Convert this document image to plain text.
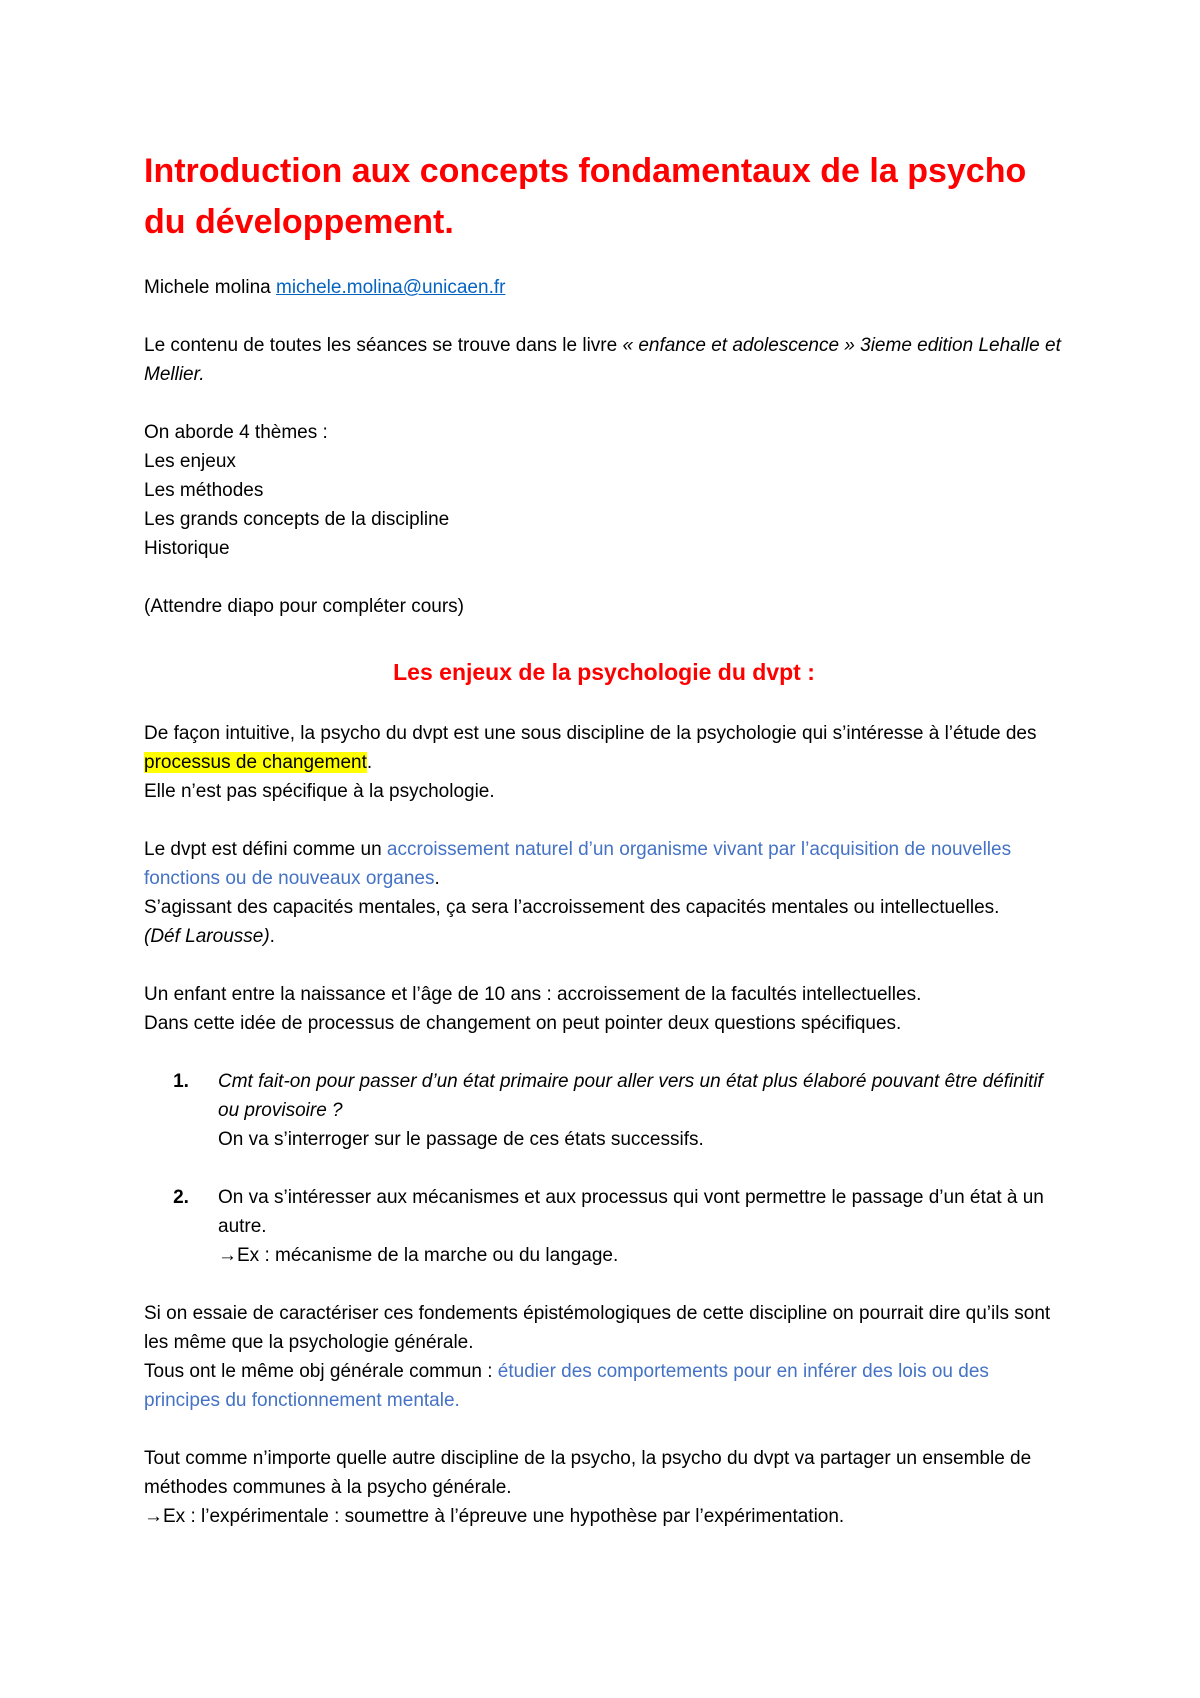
Introduction aux concepts fondamentaux de la psycho du développement.

Michele molina michele.molina@unicaen.fr

Le contenu de toutes les séances se trouve dans le livre « enfance et adolescence » 3ieme edition Lehalle et Mellier.

On aborde 4 thèmes :

Les enjeux

Les méthodes

Les grands concepts de la discipline

Historique

(Attendre diapo pour compléter cours)

Les enjeux de la psychologie du dvpt :

De façon intuitive, la psycho du dvpt est une sous discipline de la psychologie qui s’intéresse à l’étude des processus de changement.

Elle n’est pas spécifique à la psychologie.

Le dvpt est défini comme un accroissement naturel d’un organisme vivant par l’acquisition de nouvelles fonctions ou de nouveaux organes.

S’agissant des capacités mentales, ça sera l’accroissement des capacités mentales ou intellectuelles.

(Déf Larousse).

Un enfant entre la naissance et l’âge de 10 ans : accroissement de la facultés intellectuelles.

Dans cette idée de processus de changement on peut pointer deux questions spécifiques.

1.	Cmt fait-on pour passer d’un état primaire pour aller vers un état plus élaboré pouvant être définitif ou provisoire ?

On va s’interroger sur le passage de ces états successifs.

2.	On va s’intéresser aux mécanismes et aux processus qui vont permettre le passage d’un état à un autre.

→Ex : mécanisme de la marche ou du langage.

Si on essaie de caractériser ces fondements épistémologiques de cette discipline on pourrait dire qu’ils sont les même que la psychologie générale.

Tous ont le même obj générale commun : étudier des comportements pour en inférer des lois ou des principes du fonctionnement mentale.

Tout comme n’importe quelle autre discipline de la psycho, la psycho du dvpt va partager un ensemble de méthodes communes à la psycho générale.

→Ex : l’expérimentale : soumettre à l’épreuve une hypothèse par l’expérimentation.
